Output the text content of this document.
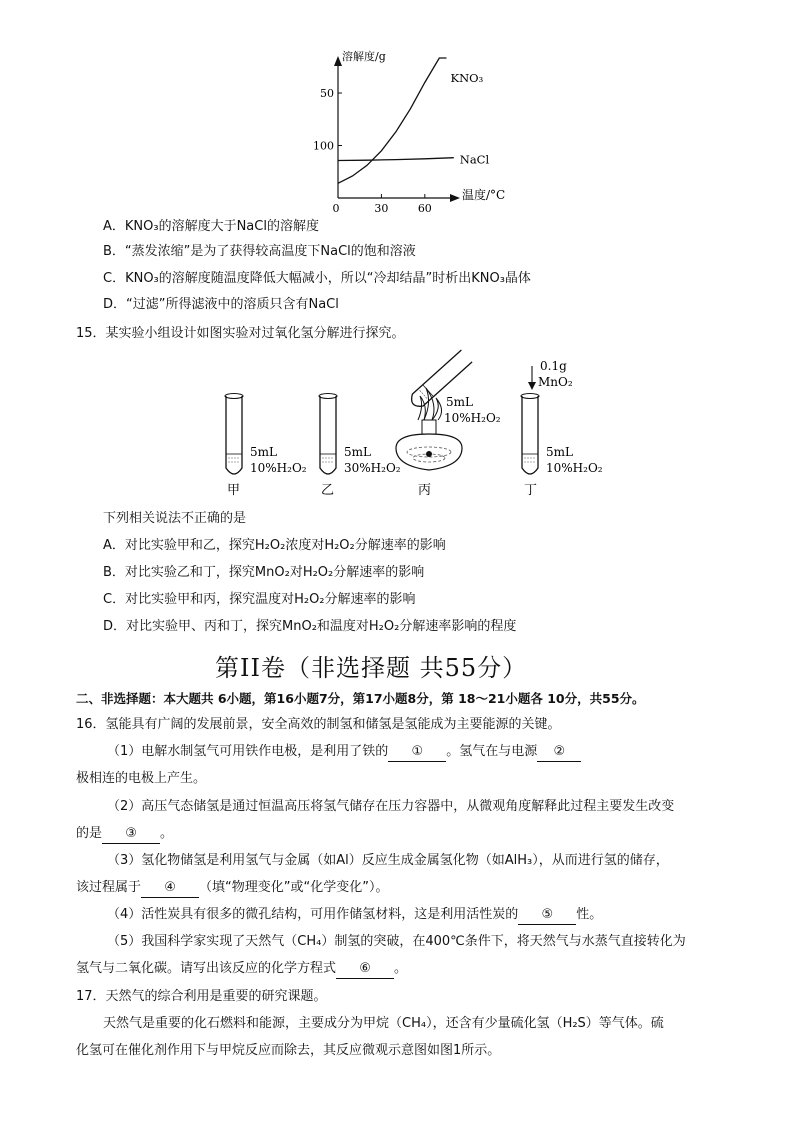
溶解度/g
温度/°C
100
50
0	30	60
KNO₃
NaCl
A．KNO₃的溶解度大于NaCl的溶解度
B．“蒸发浓缩”是为了获得较高温度下NaCl的饱和溶液
C．KNO₃的溶解度随温度降低大幅减小，所以“冷却结晶”时析出KNO₃晶体
D．“过滤”所得滤液中的溶质只含有NaCl
15．某实验小组设计如图实验对过氧化氢分解进行探究。
5mL
10%H₂O₂
甲
5mL
30%H₂O₂
乙
5mL
10%H₂O₂
丙
0.1g
MnO₂
5mL
10%H₂O₂
丁
下列相关说法不正确的是
A．对比实验甲和乙，探究H₂O₂浓度对H₂O₂分解速率的影响
B．对比实验乙和丁，探究MnO₂对H₂O₂分解速率的影响
C．对比实验甲和丙，探究温度对H₂O₂分解速率的影响
D．对比实验甲、丙和丁，探究MnO₂和温度对H₂O₂分解速率影响的程度
第II卷（非选择题 共55分）
二、非选择题：本大题共 6小题，第16小题7分，第17小题8分，第 18～21小题各 10分，共55分。
16．氢能具有广阔的发展前景，安全高效的制氢和储氢是氢能成为主要能源的关键。
（1）电解水制氢气可用铁作电极，是利用了铁的 ① 。氢气在与电源 ②
极相连的电极上产生。
（2）高压气态储氢是通过恒温高压将氢气储存在压力容器中，从微观角度解释此过程主要发生改变
的是 ③ 。
（3）氢化物储氢是利用氢气与金属（如Al）反应生成金属氢化物（如AlH₃），从而进行氢的储存，
该过程属于 ④ （填“物理变化”或“化学变化”）。
（4）活性炭具有很多的微孔结构，可用作储氢材料，这是利用活性炭的 ⑤ 性。
（5）我国科学家实现了天然气（CH₄）制氢的突破，在400℃条件下，将天然气与水蒸气直接转化为
氢气与二氧化碳。请写出该反应的化学方程式 ⑥ 。
17．天然气的综合利用是重要的研究课题。
天然气是重要的化石燃料和能源，主要成分为甲烷（CH₄），还含有少量硫化氢（H₂S）等气体。硫
化氢可在催化剂作用下与甲烷反应而除去，其反应微观示意图如图1所示。
